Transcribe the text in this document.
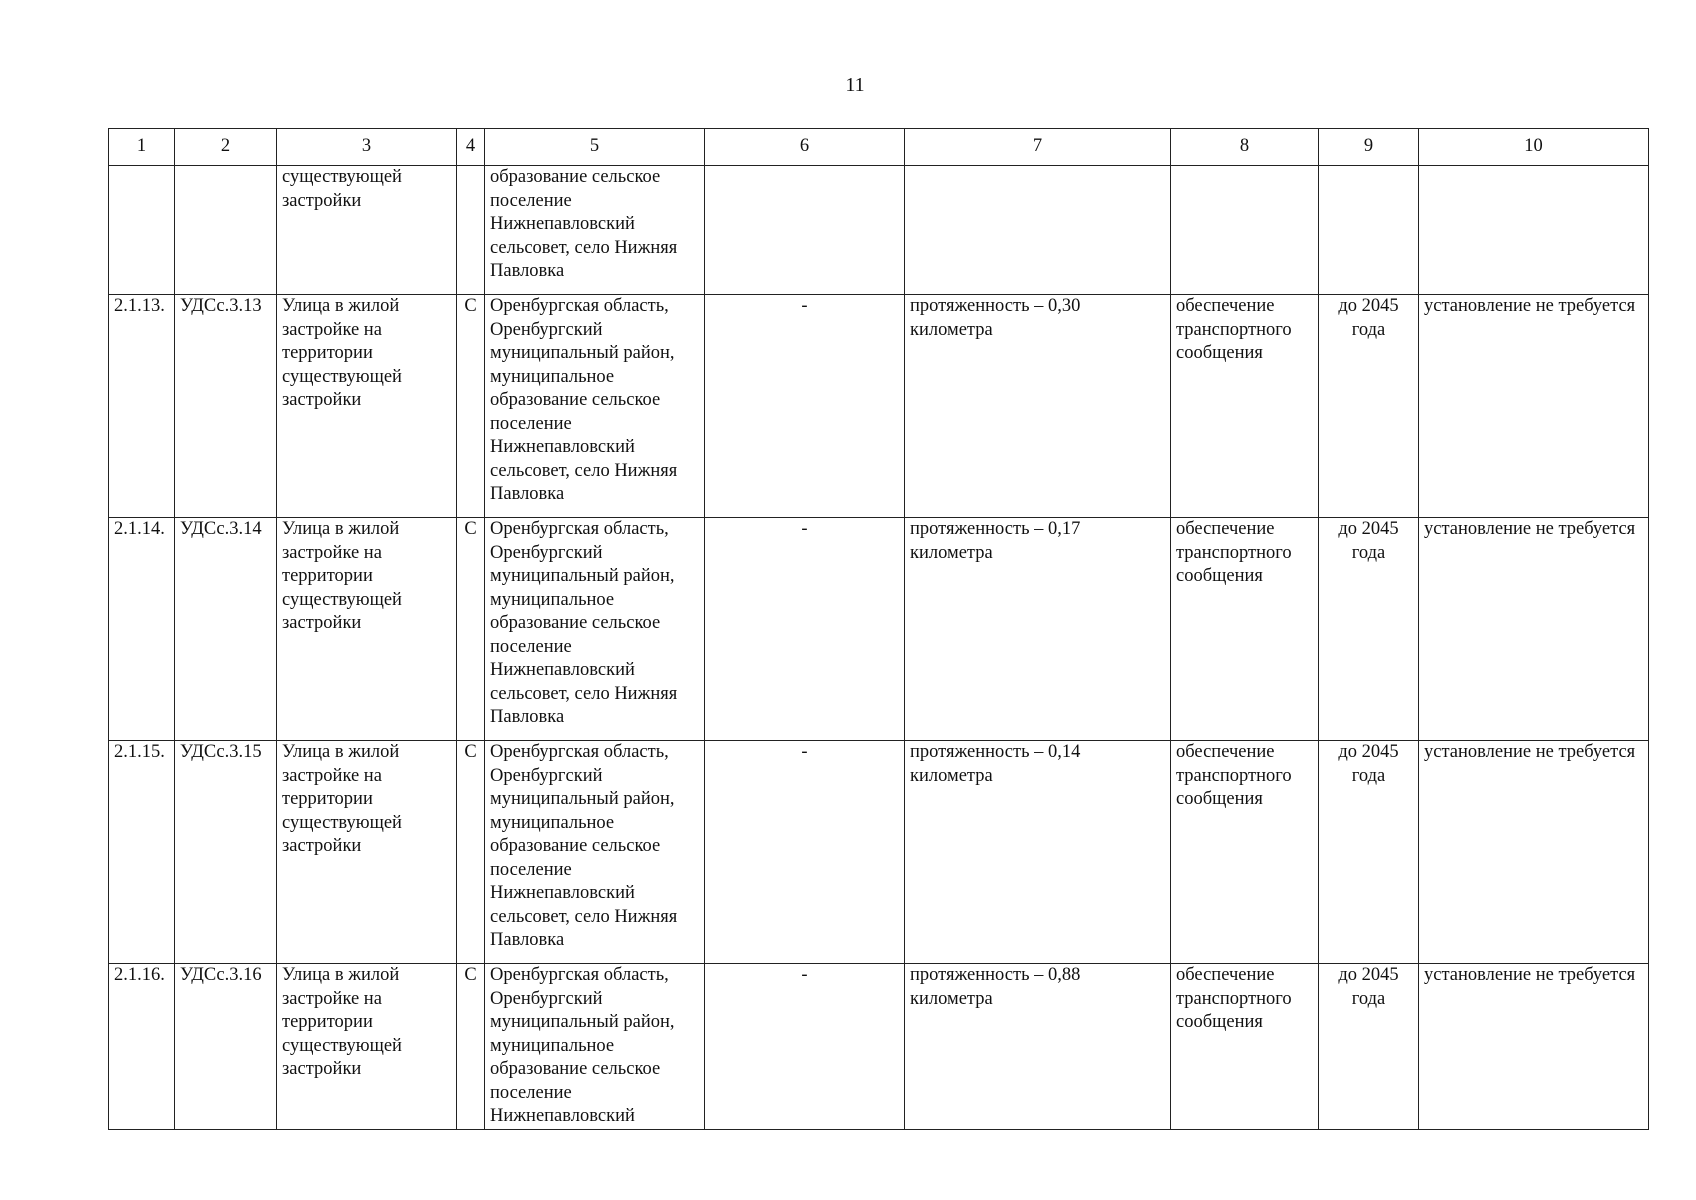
11
1	2	3	4	5	6	7	8	9	10
		существующей застройки		образование сельское поселение Нижнепавловский сельсовет, село Нижняя Павловка					
2.1.13.	УДСс.3.13	Улица в жилой застройке на территории существующей застройки	С	Оренбургская область, Оренбургский муниципальный район, муниципальное образование сельское поселение Нижнепавловский сельсовет, село Нижняя Павловка	-	протяженность – 0,30 километра	обеспечение транспортного сообщения	до 2045 года	установление не требуется
2.1.14.	УДСс.3.14	Улица в жилой застройке на территории существующей застройки	С	Оренбургская область, Оренбургский муниципальный район, муниципальное образование сельское поселение Нижнепавловский сельсовет, село Нижняя Павловка	-	протяженность – 0,17 километра	обеспечение транспортного сообщения	до 2045 года	установление не требуется
2.1.15.	УДСс.3.15	Улица в жилой застройке на территории существующей застройки	С	Оренбургская область, Оренбургский муниципальный район, муниципальное образование сельское поселение Нижнепавловский сельсовет, село Нижняя Павловка	-	протяженность – 0,14 километра	обеспечение транспортного сообщения	до 2045 года	установление не требуется
2.1.16.	УДСс.3.16	Улица в жилой застройке на территории существующей застройки	С	Оренбургская область, Оренбургский муниципальный район, муниципальное образование сельское поселение Нижнепавловский	-	протяженность – 0,88 километра	обеспечение транспортного сообщения	до 2045 года	установление не требуется
